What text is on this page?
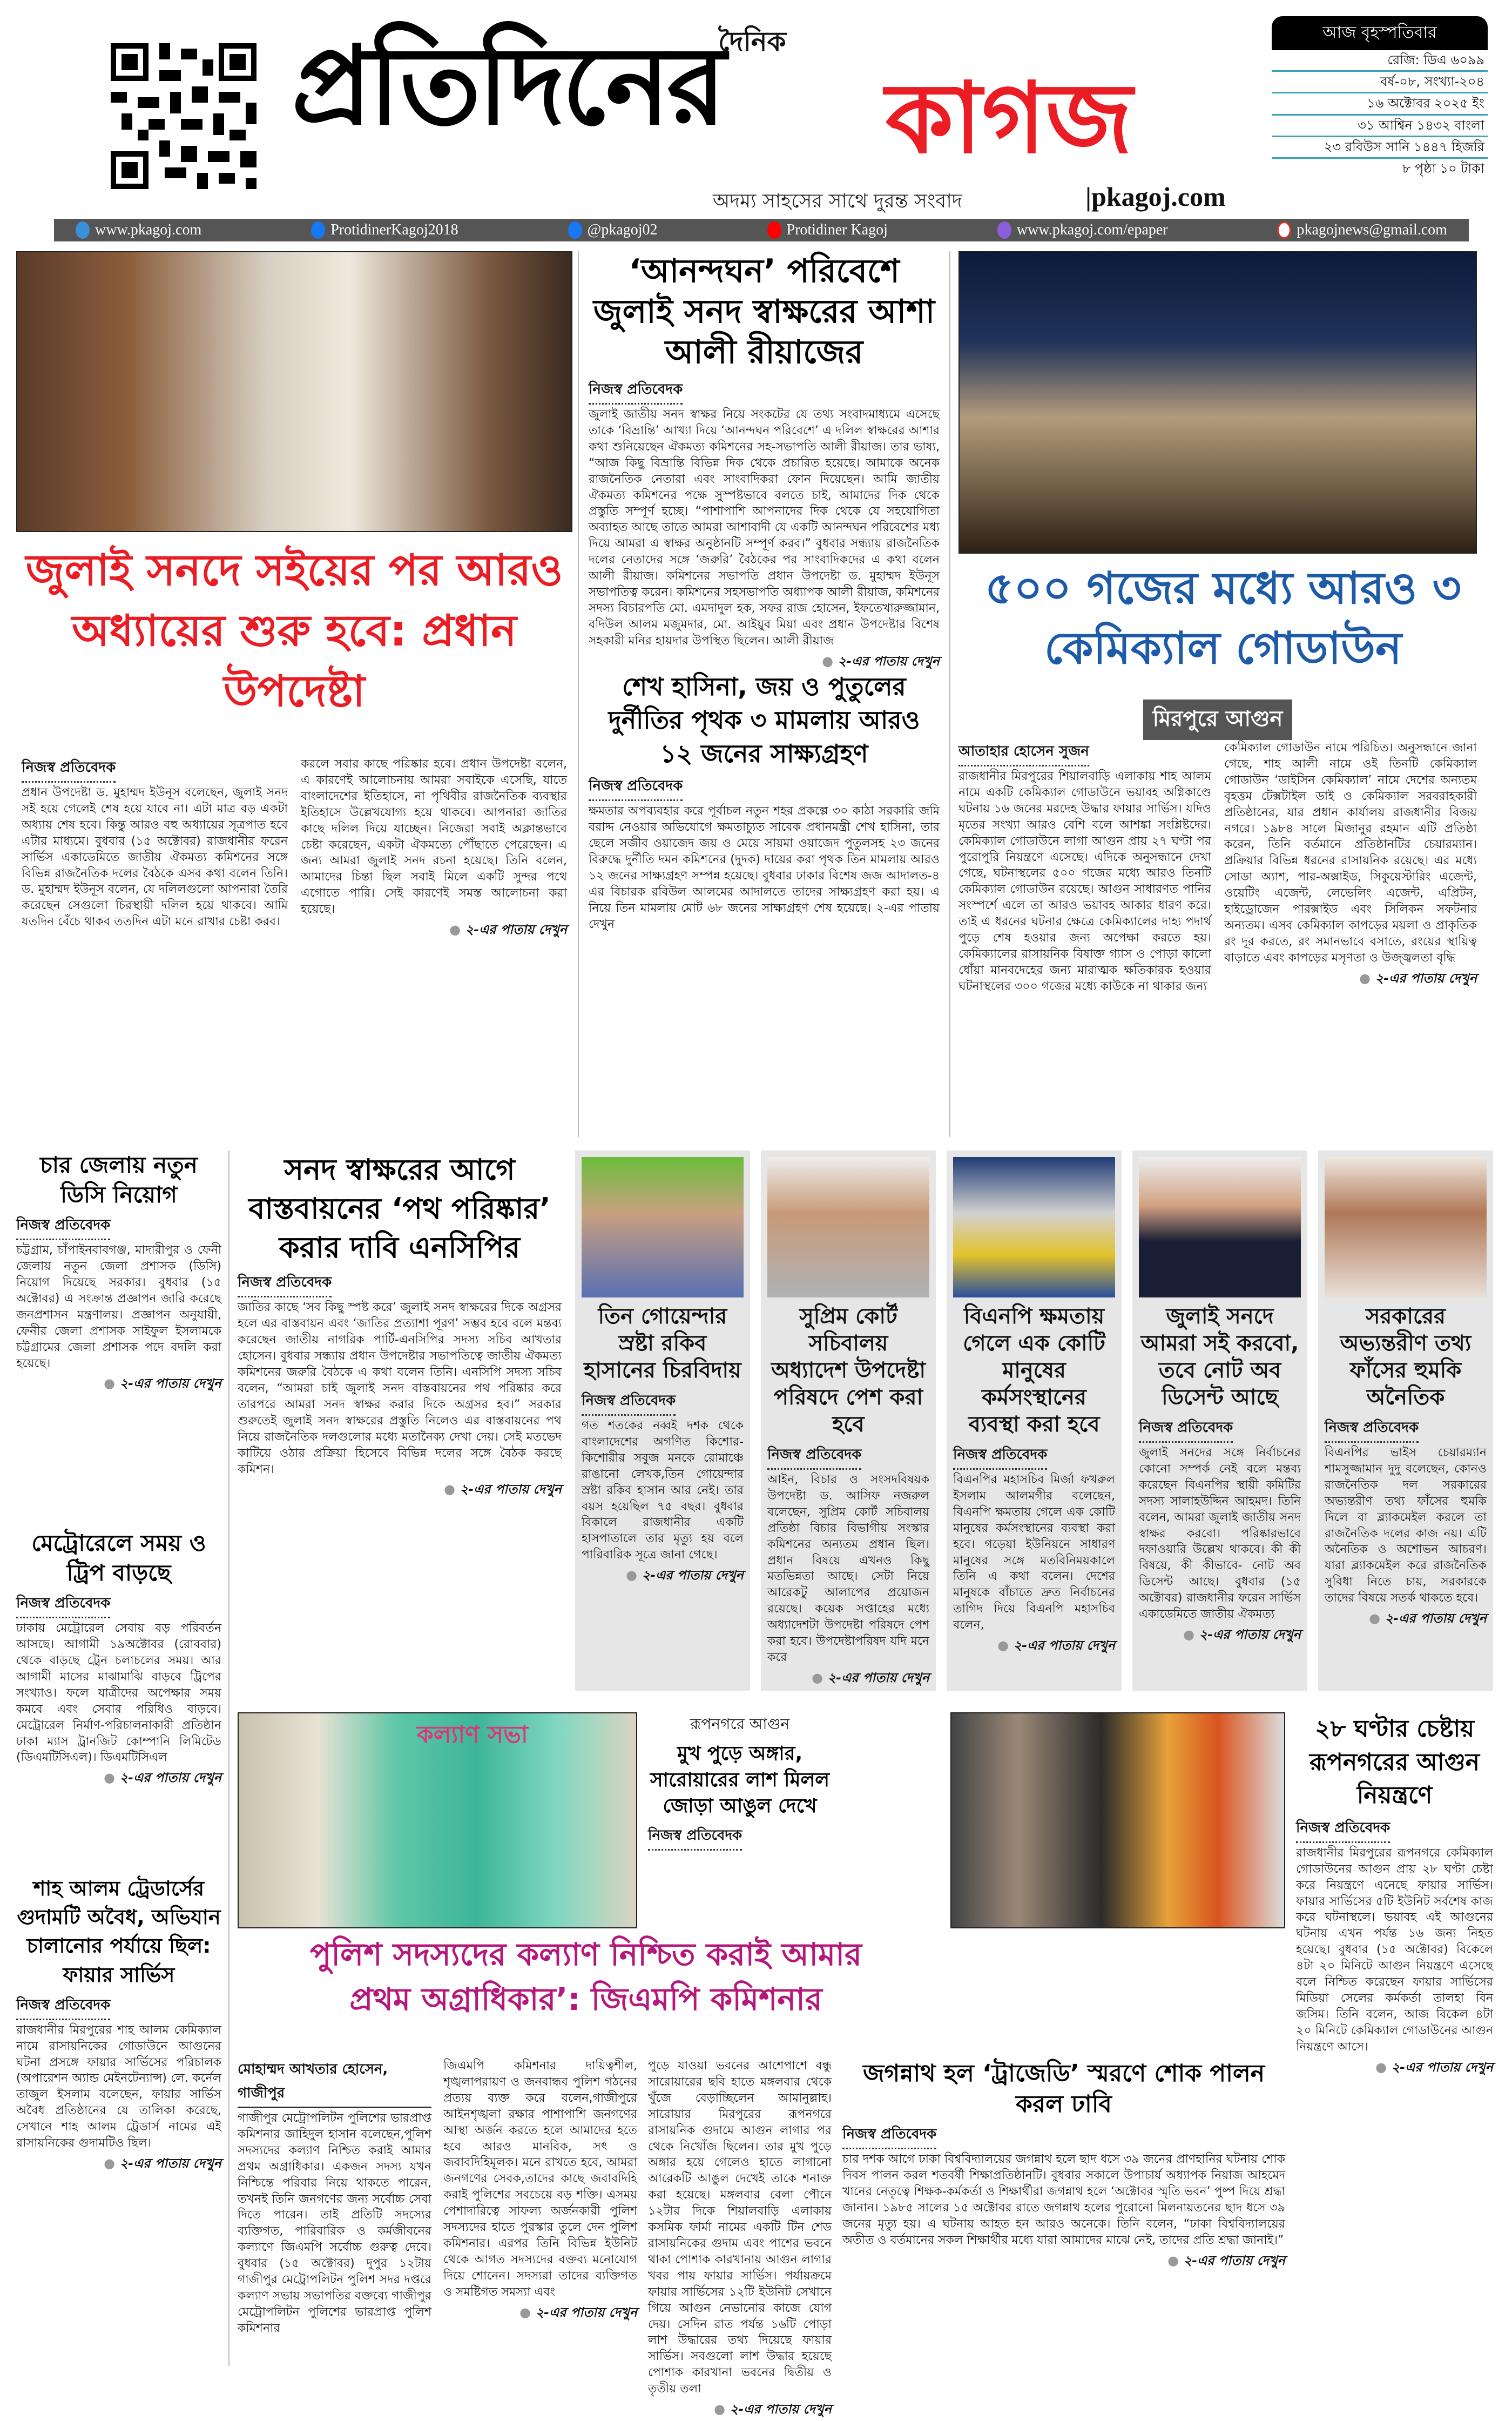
দৈনিক
প্রতিদিনের কাগজ
অদম্য সাহসের সাথে দুরন্ত সংবাদ	|pkagoj.com
আজ বৃহস্পতিবার
রেজি: ডিএ ৬০৯৯
বর্ষ-০৮, সংখ্যা-২০৪
১৬ অক্টোবর ২০২৫ ইং
৩১ আশ্বিন ১৪৩২ বাংলা
২৩ রবিউস সানি ১৪৪৭ হিজরি
৮ পৃষ্ঠা ১০ টাকা
www.pkagoj.com	ProtidinerKagoj2018	@pkagoj02	Protidiner Kagoj	www.pkagoj.com/epaper	pkagojnews@gmail.com
জুলাই সনদে সইয়ের পর আরও অধ্যায়ের শুরু হবে: প্রধান উপদেষ্টা
নিজস্ব প্রতিবেদক
প্রধান উপদেষ্টা ড. মুহাম্মদ ইউনূস বলেছেন, জুলাই সনদ সই হয়ে গেলেই শেষ হয়ে যাবে না। এটা মাত্র বড় একটা অধ্যায় শেষ হবে। কিন্তু আরও বহু অধ্যায়ের সূত্রপাত হবে এটার মাধ্যমে। বুধবার (১৫ অক্টোবর) রাজধানীর ফরেন সার্ভিস একাডেমিতে জাতীয় ঐকমত্য কমিশনের সঙ্গে বিভিন্ন রাজনৈতিক দলের বৈঠকে এসব কথা বলেন তিনি। ড. মুহাম্মদ ইউনূস বলেন, যে দলিলগুলো আপনারা তৈরি করেছেন সেগুলো চিরস্থায়ী দলিল হয়ে থাকবে। আমি যতদিন বেঁচে থাকব ততদিন এটা মনে রাখার চেষ্টা করব।
করলে সবার কাছে পরিষ্কার হবে। প্রধান উপদেষ্টা বলেন, এ কারণেই আলোচনায় আমরা সবাইকে এসেছি, যাতে বাংলাদেশের ইতিহাসে, না পৃথিবীর রাজনৈতিক ব্যবস্থার ইতিহাসে উল্লেখযোগ্য হয়ে থাকবে। আপনারা জাতির কাছে দলিল দিয়ে যাচ্ছেন। নিজেরা সবাই অক্লান্তভাবে চেষ্টা করেছেন, একটা ঐকমত্যে পৌঁছাতে পেরেছেন। এ জন্য আমরা জুলাই সনদ রচনা হয়েছে। তিনি বলেন, আমাদের চিন্তা ছিল সবাই মিলে একটি সুন্দর পথে এগোতে পারি। সেই কারণেই সমস্ত আলোচনা করা হয়েছে।
● ২-এর পাতায় দেখুন
‘আনন্দঘন’ পরিবেশে জুলাই সনদ স্বাক্ষরের আশা আলী রীয়াজের
নিজস্ব প্রতিবেদক
জুলাই জাতীয় সনদ স্বাক্ষর নিয়ে সংকটের যে তথ্য সংবাদমাধ্যমে এসেছে তাকে ‘বিভ্রান্তি’ আখ্যা দিয়ে ‘আনন্দঘন পরিবেশে’ এ দলিল স্বাক্ষরের আশার কথা শুনিয়েছেন ঐকমত্য কমিশনের সহ-সভাপতি আলী রীয়াজ। তার ভাষ্য, “আজ কিছু বিভ্রান্তি বিভিন্ন দিক থেকে প্রচারিত হয়েছে। আমাকে অনেক রাজনৈতিক নেতারা এবং সাংবাদিকরা ফোন দিয়েছেন। আমি জাতীয় ঐকমত্য কমিশনের পক্ষে সুস্পষ্টভাবে বলতে চাই, আমাদের দিক থেকে প্রস্তুতি সম্পূর্ণ হচ্ছে। “পাশাপাশি আপনাদের দিক থেকে যে সহযোগিতা অব্যাহত আছে তাতে আমরা আশাবাদী যে একটি আনন্দঘন পরিবেশের মধ্য দিয়ে আমরা এ স্বাক্ষর অনুষ্ঠানটি সম্পূর্ণ করব।” বুধবার সন্ধ্যায় রাজনৈতিক দলের নেতাদের সঙ্গে ‘জরুরি’ বৈঠকের পর সাংবাদিকদের এ কথা বলেন আলী রীয়াজ। কমিশনের সভাপতি প্রধান উপদেষ্টা ড. মুহাম্মদ ইউনূস সভাপতিত্ব করেন। কমিশনের সহসভাপতি অধ্যাপক আলী রীয়াজ, কমিশনের সদস্য বিচারপতি মো. এমদাদুল হক, সফর রাজ হোসেন, ইফতেখারুজ্জামান, বদিউল আলম মজুমদার, মো. আইয়ুব মিয়া এবং প্রধান উপদেষ্টার বিশেষ সহকারী মনির হায়দার উপস্থিত ছিলেন। আলী রীয়াজ
● ২-এর পাতায় দেখুন
শেখ হাসিনা, জয় ও পুতুলের দুর্নীতির পৃথক ৩ মামলায় আরও ১২ জনের সাক্ষ্যগ্রহণ
নিজস্ব প্রতিবেদক
ক্ষমতার অপব্যবহার করে পূর্বাচল নতুন শহর প্রকল্পে ৩০ কাঠা সরকারি জমি বরাদ্দ নেওয়ার অভিযোগে ক্ষমতাচ্যুত সাবেক প্রধানমন্ত্রী শেখ হাসিনা, তার ছেলে সজীব ওয়াজেদ জয় ও মেয়ে সায়মা ওয়াজেদ পুতুলসহ ২৩ জনের বিরুদ্ধে দুর্নীতি দমন কমিশনের (দুদক) দায়ের করা পৃথক তিন মামলায় আরও ১২ জনের সাক্ষ্যগ্রহণ সম্পন্ন হয়েছে। বুধবার ঢাকার বিশেষ জজ আদালত-৪ এর বিচারক রবিউল আলমের আদালতে তাদের সাক্ষ্যগ্রহণ করা হয়। এ নিয়ে তিন মামলায় মোট ৬৮ জনের সাক্ষ্যগ্রহণ শেষ হয়েছে। ২-এর পাতায় দেখুন
৫০০ গজের মধ্যে আরও ৩ কেমিক্যাল গোডাউন
মিরপুরে আগুন
আতাহার হোসেন সুজন
রাজধানীর মিরপুরের শিয়ালবাড়ি এলাকায় শাহ আলম নামে একটি কেমিক্যাল গোডাউনে ভয়াবহ অগ্নিকাণ্ডে ঘটনায় ১৬ জনের মরদেহ উদ্ধার ফায়ার সার্ভিস। যদিও মৃতের সংখ্যা আরও বেশি বলে আশঙ্কা সংশ্লিষ্টদের। কেমিক্যাল গোডাউনে লাগা আগুন প্রায় ২৭ ঘণ্টা পর পুরোপুরি নিয়ন্ত্রণে এসেছে। এদিকে অনুসন্ধানে দেখা গেছে, ঘটনাস্থলের ৫০০ গজের মধ্যে আরও তিনটি কেমিক্যাল গোডাউন রয়েছে। আগুন সাধারণত পানির সংস্পর্শে এলে তা আরও ভয়াবহ আকার ধারণ করে। তাই এ ধরনের ঘটনার ক্ষেত্রে কেমিক্যালের দাহ্য পদার্থ পুড়ে শেষ হওয়ার জন্য অপেক্ষা করতে হয়। কেমিক্যালের রাসায়নিক বিষাক্ত গ্যাস ও পোড়া কালো ধোঁয়া মানবদেহের জন্য মারাত্মক ক্ষতিকারক হওয়ার ঘটনাস্থলের ৩০০ গজের মধ্যে কাউকে না থাকার জন্য
কেমিক্যাল গোডাউন নামে পরিচিত। অনুসন্ধানে জানা গেছে, শাহ আলী নামে ওই তিনটি কেমিক্যাল গোডাউন ‘ডাইসিন কেমিক্যাল’ নামে দেশের অন্যতম বৃহত্তম টেক্সটাইল ডাই ও কেমিক্যাল সরবরাহকারী প্রতিষ্ঠানের, যার প্রধান কার্যালয় রাজধানীর বিজয় নগরে। ১৯৮৪ সালে মিজানুর রহমান এটি প্রতিষ্ঠা করেন, তিনি বর্তমানে প্রতিষ্ঠানটির চেয়ারম্যান। প্রক্রিয়ার বিভিন্ন ধরনের রাসায়নিক রয়েছে। এর মধ্যে সোডা অ্যাশ, পার-অক্সাইড, সিকুয়েস্টারিং এজেন্ট, ওয়েটিং এজেন্ট, লেভেলিং এজেন্ট, এপ্রিটন, হাইড্রোজেন পারক্সাইড এবং সিলিকন সফটনার অন্যতম। এসব কেমিক্যাল কাপড়ের ময়লা ও প্রাকৃতিক রং দূর করতে, রং সমানভাবে বসাতে, রংয়ের স্থায়িত্ব বাড়াতে এবং কাপড়ের মসৃণতা ও উজ্জ্বলতা বৃদ্ধি
● ২-এর পাতায় দেখুন
চার জেলায় নতুন ডিসি নিয়োগ
নিজস্ব প্রতিবেদক
চট্টগ্রাম, চাঁপাইনবাবগঞ্জ, মাদারীপুর ও ফেনী জেলায় নতুন জেলা প্রশাসক (ডিসি) নিয়োগ দিয়েছে সরকার। বুধবার (১৫ অক্টোবর) এ সংক্রান্ত প্রজ্ঞাপন জারি করেছে জনপ্রশাসন মন্ত্রণালয়। প্রজ্ঞাপন অনুযায়ী, ফেনীর জেলা প্রশাসক সাইফুল ইসলামকে চট্টগ্রামের জেলা প্রশাসক পদে বদলি করা হয়েছে।
● ২-এর পাতায় দেখুন
সনদ স্বাক্ষরের আগে বাস্তবায়নের ‘পথ পরিষ্কার’ করার দাবি এনসিপির
নিজস্ব প্রতিবেদক
জাতির কাছে ‘সব কিছু স্পষ্ট করে’ জুলাই সনদ স্বাক্ষরের দিকে অগ্রসর হলে এর বাস্তবায়ন এবং ‘জাতির প্রত্যাশা পূরণ’ সম্ভব হবে বলে মন্তব্য করেছেন জাতীয় নাগরিক পার্টি-এনসিপির সদস্য সচিব আখতার হোসেন। বুধবার সন্ধ্যায় প্রধান উপদেষ্টার সভাপতিত্বে জাতীয় ঐকমত্য কমিশনের জরুরি বৈঠকে এ কথা বলেন তিনি। এনসিপি সদস্য সচিব বলেন, “আমরা চাই জুলাই সনদ বাস্তবায়নের পথ পরিষ্কার করে তারপরে আমরা সনদ স্বাক্ষর করার দিকে অগ্রসর হব।” সরকার শুরুতেই জুলাই সনদ স্বাক্ষরের প্রস্তুতি নিলেও এর বাস্তবায়নের পথ নিয়ে রাজনৈতিক দলগুলোর মধ্যে মতানৈক্য দেখা দেয়। সেই মতভেদ কাটিয়ে ওঠার প্রক্রিয়া হিসেবে বিভিন্ন দলের সঙ্গে বৈঠক করছে কমিশন।
● ২-এর পাতায় দেখুন
মেট্রোরেলে সময় ও ট্রিপ বাড়ছে
নিজস্ব প্রতিবেদক
ঢাকায় মেট্রোরেল সেবায় বড় পরিবর্তন আসছে। আগামী ১৯অক্টোবর (রোববার) থেকে বাড়ছে ট্রেন চলাচলের সময়। আর আগামী মাসের মাঝামাঝি বাড়বে ট্রিপের সংখ্যাও। ফলে যাত্রীদের অপেক্ষার সময় কমবে এবং সেবার পরিধিও বাড়বে। মেট্রোরেল নির্মাণ-পরিচালনাকারী প্রতিষ্ঠান ঢাকা ম্যাস ট্রানজিট কোম্পানি লিমিটেড (ডিএমটিসিএল)। ডিএমটিসিএল
● ২-এর পাতায় দেখুন
তিন গোয়েন্দার স্রষ্টা রকিব হাসানের চিরবিদায়
নিজস্ব প্রতিবেদক
গত শতকের নব্বই দশক থেকে বাংলাদেশের অগণিত কিশোর-কিশোরীর সবুজ মনকে রোমাঞ্চে রাঙানো লেখক,তিন গোয়েন্দার স্রষ্টা রকিব হাসান আর নেই। তার বয়স হয়েছিল ৭৫ বছর। বুধবার বিকালে রাজধানীর একটি হাসপাতালে তার মৃত্যু হয় বলে পারিবারিক সূত্রে জানা গেছে।
● ২-এর পাতায় দেখুন
সুপ্রিম কোর্ট সচিবালয় অধ্যাদেশ উপদেষ্টা পরিষদে পেশ করা হবে
নিজস্ব প্রতিবেদক
আইন, বিচার ও সংসদবিষয়ক উপদেষ্টা ড. আসিফ নজরুল বলেছেন, সুপ্রিম কোর্ট সচিবালয় প্রতিষ্ঠা বিচার বিভাগীয় সংস্কার কমিশনের অন্যতম প্রধান ছিল। প্রধান বিষয়ে এখনও কিছু মতভিন্নতা আছে। সেটা নিয়ে আরেকটু আলাপের প্রয়োজন রয়েছে। কয়েক সপ্তাহের মধ্যে অধ্যাদেশটা উপদেষ্টা পরিষদে পেশ করা হবে। উপদেষ্টাপরিষদ যদি মনে করে
● ২-এর পাতায় দেখুন
বিএনপি ক্ষমতায় গেলে এক কোটি মানুষের কর্মসংস্থানের ব্যবস্থা করা হবে
নিজস্ব প্রতিবেদক
বিএনপির মহাসচিব মির্জা ফখরুল ইসলাম আলমগীর বলেছেন, বিএনপি ক্ষমতায় গেলে এক কোটি মানুষের কর্মসংস্থানের ব্যবস্থা করা হবে। গড়েয়া ইউনিয়নে সাধারণ মানুষের সঙ্গে মতবিনিময়কালে তিনি এ কথা বলেন। দেশের মানুষকে বাঁচাতে দ্রুত নির্বাচনের তাগিদ দিয়ে বিএনপি মহাসচিব বলেন,
● ২-এর পাতায় দেখুন
জুলাই সনদে আমরা সই করবো, তবে নোট অব ডিসেন্ট আছে
নিজস্ব প্রতিবেদক
জুলাই সনদের সঙ্গে নির্বাচনের কোনো সম্পর্ক নেই বলে মন্তব্য করেছেন বিএনপির স্থায়ী কমিটির সদস্য সালাহউদ্দিন আহমদ। তিনি বলেন, আমরা জুলাই জাতীয় সনদ স্বাক্ষর করবো। পরিষ্কারভাবে দফাওয়ারি উল্লেখ থাকবে। কী কী বিষয়ে, কী কীভাবে- নোট অব ডিসেন্ট আছে। বুধবার (১৫ অক্টোবর) রাজধানীর ফরেন সার্ভিস একাডেমিতে জাতীয় ঐকমত্য
● ২-এর পাতায় দেখুন
সরকারের অভ্যন্তরীণ তথ্য ফাঁসের হুমকি অনৈতিক
নিজস্ব প্রতিবেদক
বিএনপির ভাইস চেয়ারম্যান শামসুজ্জামান দুদু বলেছেন, কোনও রাজনৈতিক দল সরকারের অভ্যন্তরীণ তথ্য ফাঁসের হুমকি দিলে বা ব্ল্যাকমেইল করলে তা রাজনৈতিক দলের কাজ নয়। এটি অনৈতিক ও অশোভন আচরণ। যারা ব্ল্যাকমেইল করে রাজনৈতিক সুবিধা নিতে চায়, সরকারকে তাদের বিষয়ে সতর্ক থাকতে হবে।
● ২-এর পাতায় দেখুন
শাহ আলম ট্রেডার্সের গুদামটি অবৈধ, অভিযান চালানোর পর্যায়ে ছিল: ফায়ার সার্ভিস
নিজস্ব প্রতিবেদক
রাজধানীর মিরপুরের শাহ আলম কেমিক্যাল নামে রাসায়নিকের গোডাউনে আগুনের ঘটনা প্রসঙ্গে ফায়ার সার্ভিসের পরিচালক (অপারেশন অ্যান্ড মেইনটেন্যান্স) লে. কর্নেল তাজুল ইসলাম বলেছেন, ফায়ার সার্ভিস অবৈধ প্রতিষ্ঠানের যে তালিকা করেছে, সেখানে শাহ আলম ট্রেডার্স নামের এই রাসায়নিকের গুদামটিও ছিল।
● ২-এর পাতায় দেখুন
কল্যাণ সভা
পুলিশ সদস্যদের কল্যাণ নিশ্চিত করাই আমার
প্রথম অগ্রাধিকার’: জিএমপি কমিশনার
মোহাম্মদ আখতার হোসেন, গাজীপুর
গাজীপুর মেট্রোপলিটন পুলিশের ভারপ্রাপ্ত কমিশনার জাহিদুল হাসান বলেছেন,পুলিশ সদস্যদের কল্যাণ নিশ্চিত করাই আমার প্রথম অগ্রাধিকার। একজন সদস্য যখন নিশ্চিন্তে পরিবার নিয়ে থাকতে পারেন, তখনই তিনি জনগণের জন্য সর্বোচ্চ সেবা দিতে পারেন। তাই প্রতিটি সদস্যের ব্যক্তিগত, পারিবারিক ও কর্মজীবনের কল্যাণে জিএমপি সর্বোচ্চ গুরুত্ব দেবে। বুধবার (১৫ অক্টোবর) দুপুর ১২টায় গাজীপুর মেট্রোপলিটন পুলিশ সদর দপ্তরে কল্যাণ সভায় সভাপতির বক্তব্যে গাজীপুর মেট্রোপলিটন পুলিশের ভারপ্রাপ্ত পুলিশ কমিশনার
জিএমপি কমিশনার দায়িত্বশীল, শৃঙ্খলাপরায়ণ ও জনবান্ধব পুলিশ গঠনের প্রত্যয় ব্যক্ত করে বলেন,গাজীপুরে আইনশৃঙ্খলা রক্ষার পাশাপাশি জনগণের আস্থা অর্জন করতে হলে আমাদের হতে হবে আরও মানবিক, সৎ ও জবাবদিহিমূলক। মনে রাখতে হবে, আমরা জনগণের সেবক,তাদের কাছে জবাবদিহি করাই পুলিশের সবচেয়ে বড় শক্তি। এসময় পেশাদারিত্বে সাফল্য অর্জনকারী পুলিশ সদস্যদের হাতে পুরস্কার তুলে দেন পুলিশ কমিশনার। এরপর তিনি বিভিন্ন ইউনিট থেকে আগত সদস্যদের বক্তব্য মনোযোগ দিয়ে শোনেন। সদস্যরা তাদের ব্যক্তিগত ও সমষ্টিগত সমস্যা এবং
● ২-এর পাতায় দেখুন
রূপনগরে আগুন
মুখ পুড়ে অঙ্গার, সারোয়ারের লাশ মিলল জোড়া আঙুল দেখে
নিজস্ব প্রতিবেদক
পুড়ে যাওয়া ভবনের আশেপাশে বন্ধু সারোয়ারের ছবি হাতে মঙ্গলবার থেকে খুঁজে বেড়াচ্ছিলেন আমানুল্লাহ। সারোয়ার মিরপুরের রূপনগরে রাসায়নিক গুদামে আগুন লাগার পর থেকে নিখোঁজ ছিলেন। তার মুখ পুড়ে অঙ্গার হয়ে গেলেও হাতে লাগানো আরেকটি আঙুল দেখেই তাকে শনাক্ত করা হয়েছে। মঙ্গলবার বেলা পৌনে ১২টার দিকে শিয়ালবাড়ি এলাকায় কসমিক ফার্মা নামের একটি টিন শেড রাসায়নিকের গুদাম এবং পাশের ভবনে থাকা পোশাক কারখানায় আগুন লাগার খবর পায় ফায়ার সার্ভিস। পর্যায়ক্রমে ফায়ার সার্ভিসের ১২টি ইউনিট সেখানে গিয়ে আগুন নেভানোর কাজে যোগ দেয়। সেদিন রাত পর্যন্ত ১৬টি পোড়া লাশ উদ্ধারের তথ্য দিয়েছে ফায়ার সার্ভিস। সবগুলো লাশ উদ্ধার হয়েছে পোশাক কারখানা ভবনের দ্বিতীয় ও তৃতীয় তলা
● ২-এর পাতায় দেখুন
জগন্নাথ হল ‘ট্রাজেডি’ স্মরণে শোক পালন করল ঢাবি
নিজস্ব প্রতিবেদক
চার দশক আগে ঢাকা বিশ্ববিদ্যালয়ের জগন্নাথ হলে ছাদ ধসে ৩৯ জনের প্রাণহানির ঘটনায় শোক দিবস পালন করল শতবর্ষী শিক্ষাপ্রতিষ্ঠানটি। বুধবার সকালে উপাচার্য অধ্যাপক নিয়াজ আহমেদ খানের নেতৃত্বে শিক্ষক-কর্মকর্তা ও শিক্ষার্থীরা জগন্নাথ হলে ‘অক্টোবর স্মৃতি ভবন’ পুষ্প দিয়ে শ্রদ্ধা জানান। ১৯৮৫ সালের ১৫ অক্টোবর রাতে জগন্নাথ হলের পুরোনো মিলনায়তনের ছাদ ধসে ৩৯ জনের মৃত্যু হয়। এ ঘটনায় আহত হন আরও অনেকে। তিনি বলেন, “ঢাকা বিশ্ববিদ্যালয়ের অতীত ও বর্তমানের সকল শিক্ষার্থীর মধ্যে যারা আমাদের মাঝে নেই, তাদের প্রতি শ্রদ্ধা জানাই।”
● ২-এর পাতায় দেখুন
২৮ ঘণ্টার চেষ্টায় রূপনগরের আগুন নিয়ন্ত্রণে
নিজস্ব প্রতিবেদক
রাজধানীর মিরপুরের রূপনগরে কেমিক্যাল গোডাউনের আগুন প্রায় ২৮ ঘণ্টা চেষ্টা করে নিয়ন্ত্রণে এনেছে ফায়ার সার্ভিস। ফায়ার সার্ভিসের ৫টি ইউনিট সর্বশেষ কাজ করে ঘটনাস্থলে। ভয়াবহ এই আগুনের ঘটনায় এখন পর্যন্ত ১৬ জন্য নিহত হয়েছে। বুধবার (১৫ অক্টোবর) বিকেলে ৪টা ২০ মিনিটে আগুন নিয়ন্ত্রণে এসেছে বলে নিশ্চিত করেছেন ফায়ার সার্ভিসের মিডিয়া সেলের কর্মকর্তা তালহা বিন জসিম। তিনি বলেন, আজ বিকেল ৪টা ২০ মিনিটে কেমিক্যাল গোডাউনের আগুন নিয়ন্ত্রণে আসে।
● ২-এর পাতায় দেখুন
